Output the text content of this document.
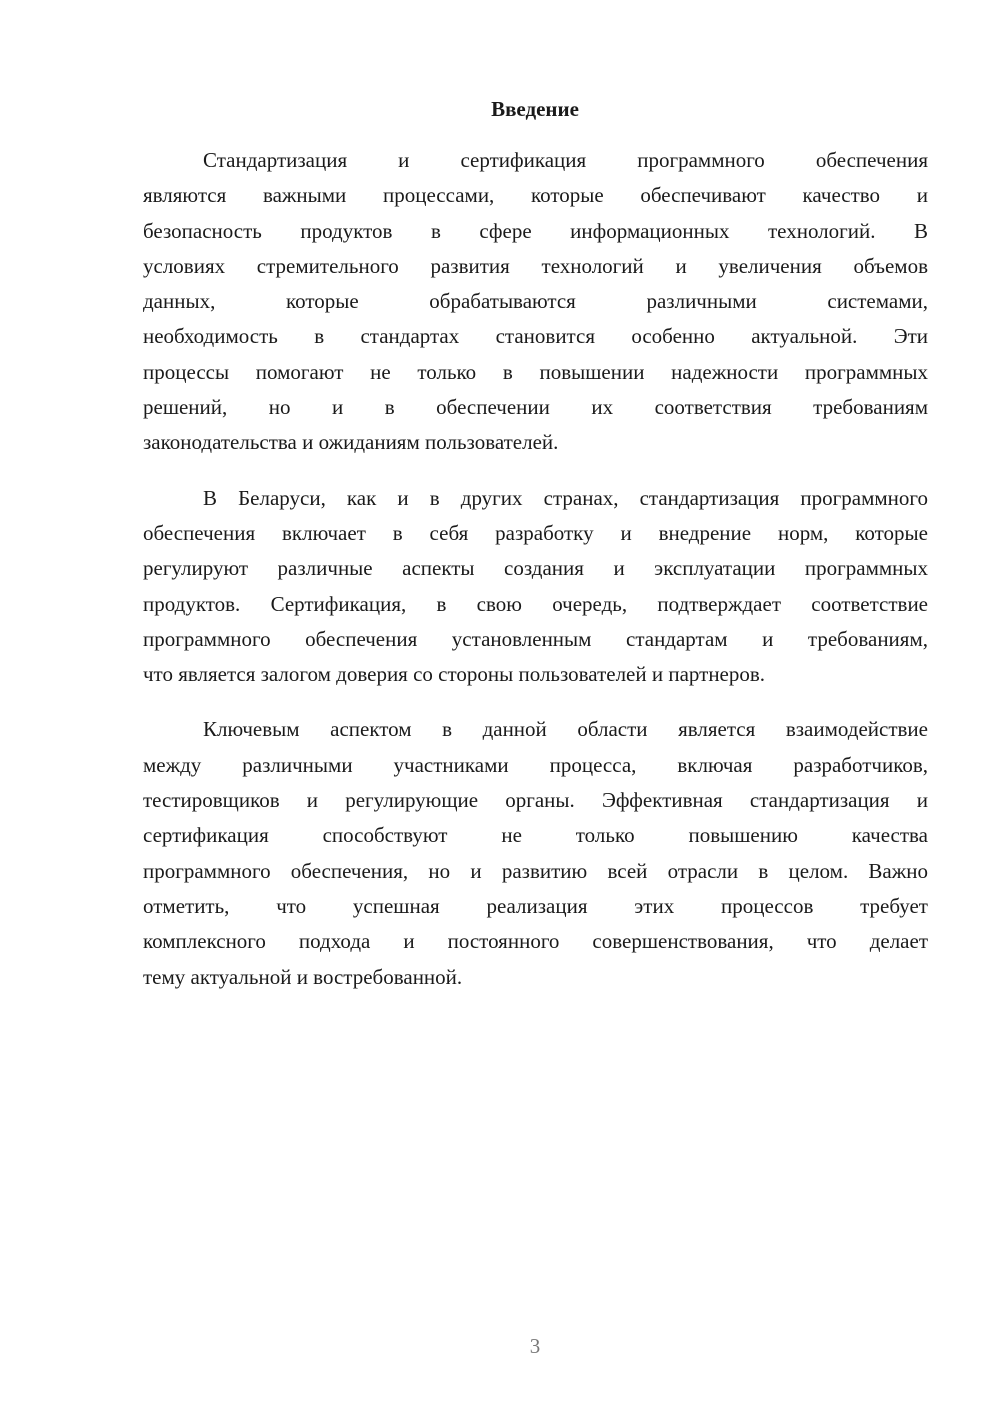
Введение
Стандартизация и сертификация программного обеспечения
являются важными процессами, которые обеспечивают качество и
безопасность продуктов в сфере информационных технологий. В
условиях стремительного развития технологий и увеличения объемов
данных, которые обрабатываются различными системами,
необходимость в стандартах становится особенно актуальной. Эти
процессы помогают не только в повышении надежности программных
решений, но и в обеспечении их соответствия требованиям
законодательства и ожиданиям пользователей.
В Беларуси, как и в других странах, стандартизация программного
обеспечения включает в себя разработку и внедрение норм, которые
регулируют различные аспекты создания и эксплуатации программных
продуктов. Сертификация, в свою очередь, подтверждает соответствие
программного обеспечения установленным стандартам и требованиям,
что является залогом доверия со стороны пользователей и партнеров.
Ключевым аспектом в данной области является взаимодействие
между различными участниками процесса, включая разработчиков,
тестировщиков и регулирующие органы. Эффективная стандартизация и
сертификация способствуют не только повышению качества
программного обеспечения, но и развитию всей отрасли в целом. Важно
отметить, что успешная реализация этих процессов требует
комплексного подхода и постоянного совершенствования, что делает
тему актуальной и востребованной.
3
